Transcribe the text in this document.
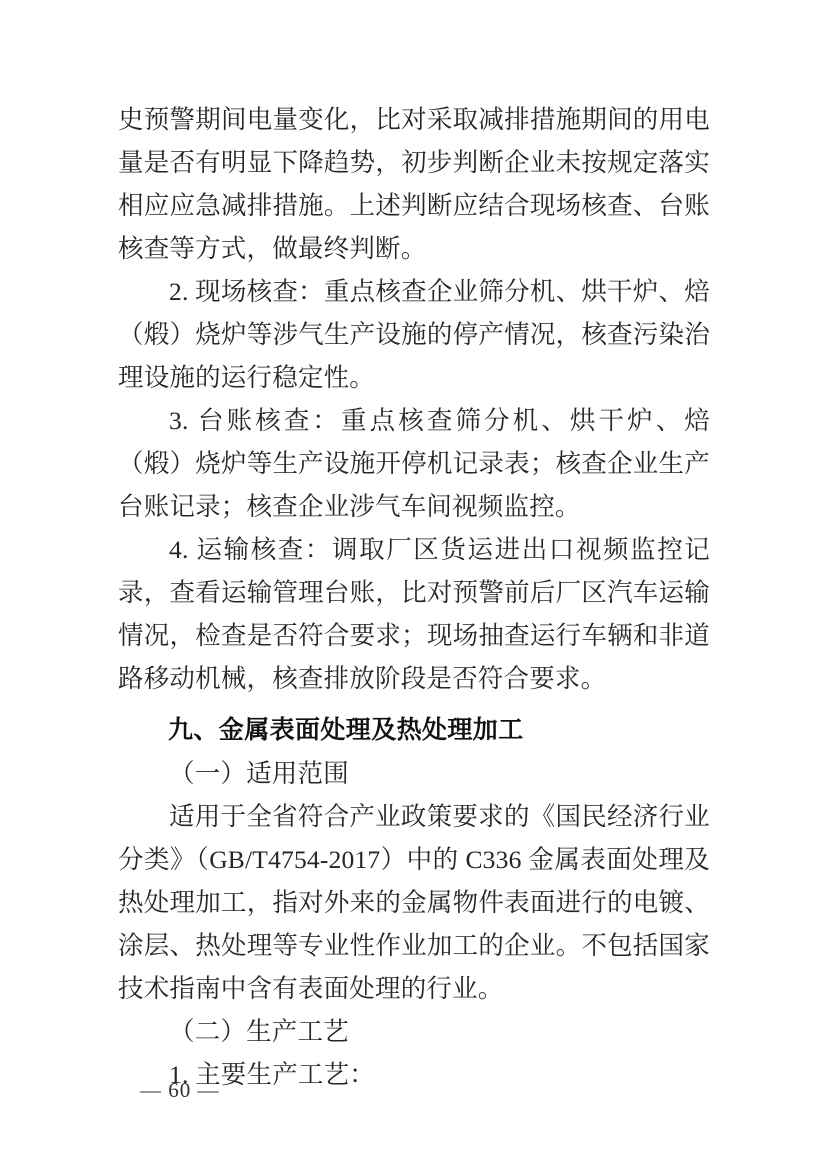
史预警期间电量变化，比对采取减排措施期间的用电量是否有明显下降趋势，初步判断企业未按规定落实相应应急减排措施。上述判断应结合现场核查、台账核查等方式，做最终判断。

2. 现场核查：重点核查企业筛分机、烘干炉、焙（煅）烧炉等涉气生产设施的停产情况，核查污染治理设施的运行稳定性。

3. 台账核查：重点核查筛分机、烘干炉、焙（煅）烧炉等生产设施开停机记录表；核查企业生产台账记录；核查企业涉气车间视频监控。

4. 运输核查：调取厂区货运进出口视频监控记录，查看运输管理台账，比对预警前后厂区汽车运输情况，检查是否符合要求；现场抽查运行车辆和非道路移动机械，核查排放阶段是否符合要求。

九、金属表面处理及热处理加工

（一）适用范围

适用于全省符合产业政策要求的《国民经济行业分类》（GB/T4754-2017）中的 C336 金属表面处理及热处理加工，指对外来的金属物件表面进行的电镀、涂层、热处理等专业性作业加工的企业。不包括国家技术指南中含有表面处理的行业。

（二）生产工艺

1. 主要生产工艺：

— 60 —
